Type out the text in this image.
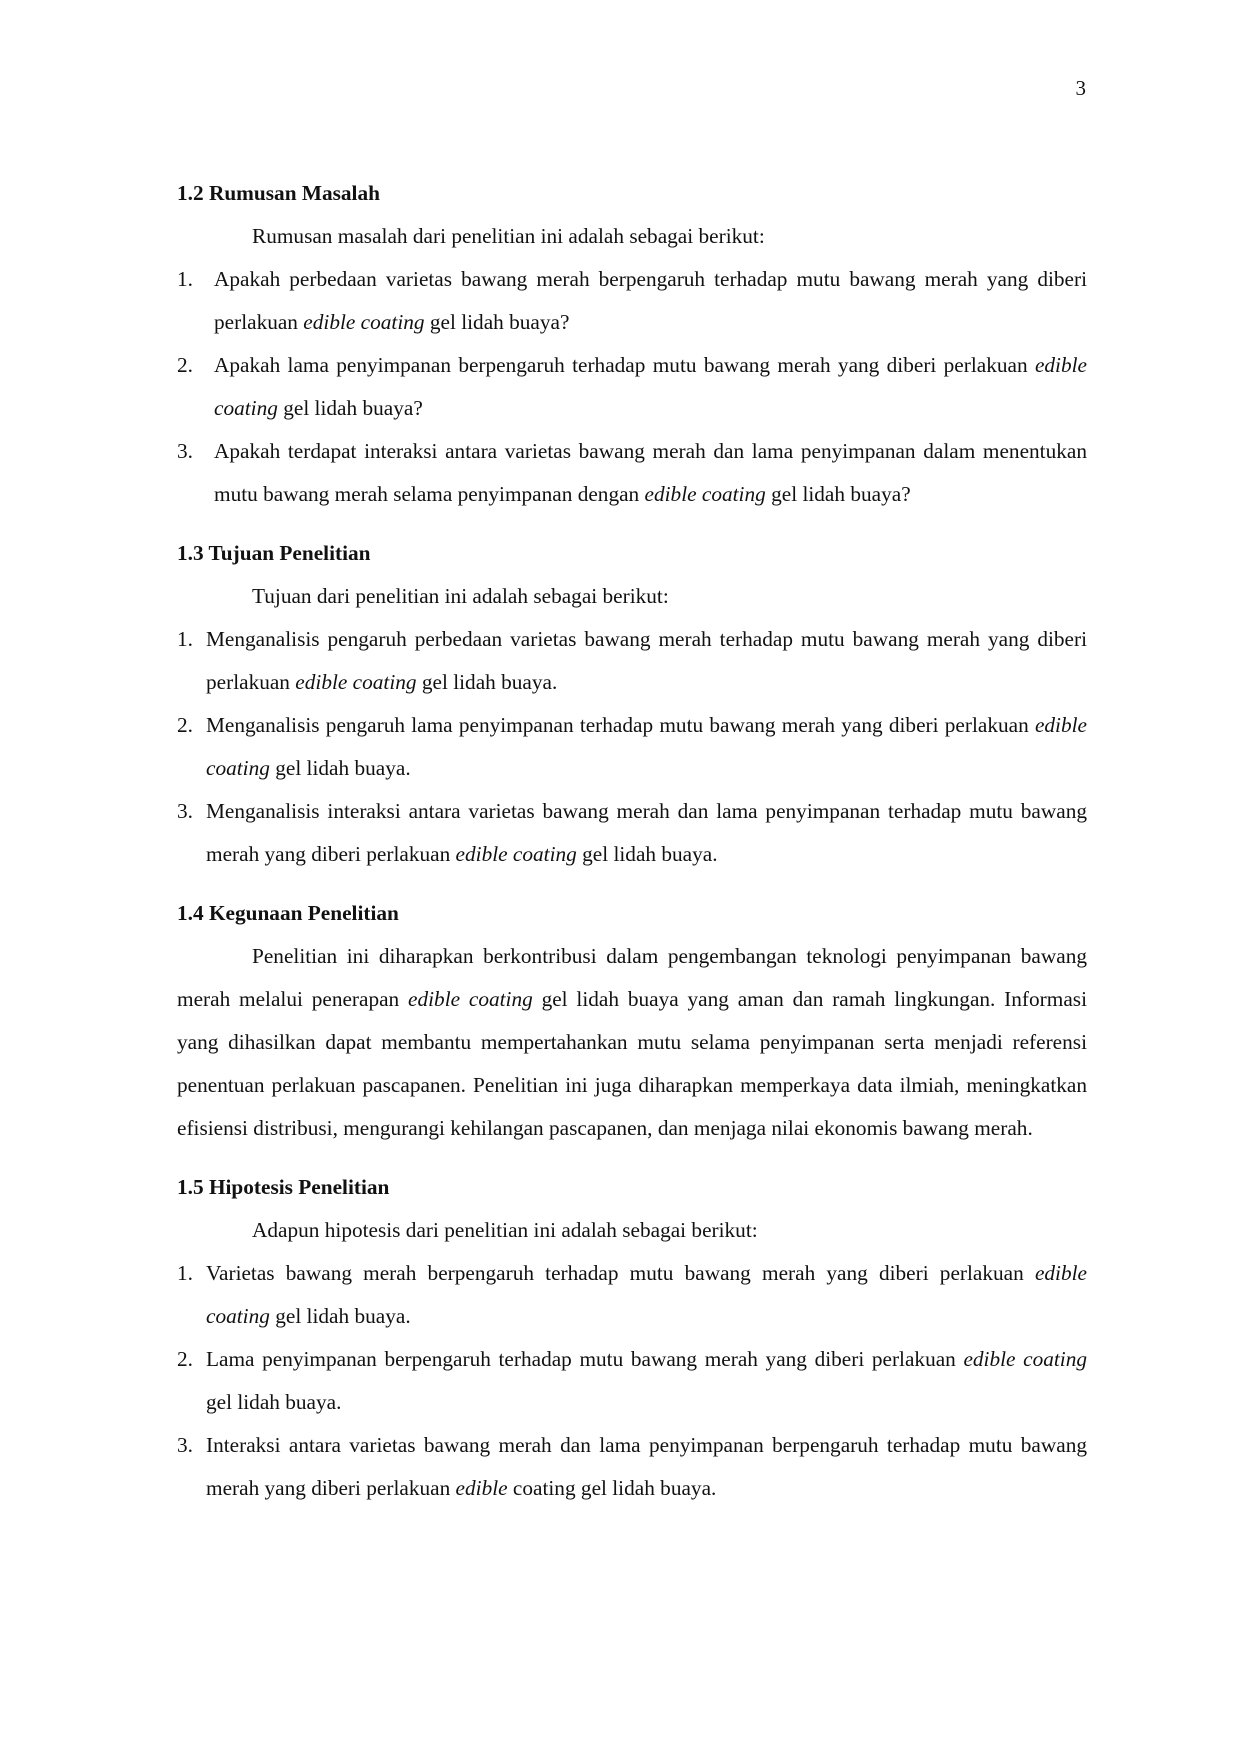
3

1.2 Rumusan Masalah

Rumusan masalah dari penelitian ini adalah sebagai berikut:

1. Apakah perbedaan varietas bawang merah berpengaruh terhadap mutu bawang merah yang diberi perlakuan edible coating gel lidah buaya?
2. Apakah lama penyimpanan berpengaruh terhadap mutu bawang merah yang diberi perlakuan edible coating gel lidah buaya?
3. Apakah terdapat interaksi antara varietas bawang merah dan lama penyimpanan dalam menentukan mutu bawang merah selama penyimpanan dengan edible coating gel lidah buaya?

1.3 Tujuan Penelitian

Tujuan dari penelitian ini adalah sebagai berikut:

1. Menganalisis pengaruh perbedaan varietas bawang merah terhadap mutu bawang merah yang diberi perlakuan edible coating gel lidah buaya.
2. Menganalisis pengaruh lama penyimpanan terhadap mutu bawang merah yang diberi perlakuan edible coating gel lidah buaya.
3. Menganalisis interaksi antara varietas bawang merah dan lama penyimpanan terhadap mutu bawang merah yang diberi perlakuan edible coating gel lidah buaya.

1.4 Kegunaan Penelitian

Penelitian ini diharapkan berkontribusi dalam pengembangan teknologi penyimpanan bawang merah melalui penerapan edible coating gel lidah buaya yang aman dan ramah lingkungan. Informasi yang dihasilkan dapat membantu mempertahankan mutu selama penyimpanan serta menjadi referensi penentuan perlakuan pascapanen. Penelitian ini juga diharapkan memperkaya data ilmiah, meningkatkan efisiensi distribusi, mengurangi kehilangan pascapanen, dan menjaga nilai ekonomis bawang merah.

1.5 Hipotesis Penelitian

Adapun hipotesis dari penelitian ini adalah sebagai berikut:

1. Varietas bawang merah berpengaruh terhadap mutu bawang merah yang diberi perlakuan edible coating gel lidah buaya.
2. Lama penyimpanan berpengaruh terhadap mutu bawang merah yang diberi perlakuan edible coating gel lidah buaya.
3. Interaksi antara varietas bawang merah dan lama penyimpanan berpengaruh terhadap mutu bawang merah yang diberi perlakuan edible coating gel lidah buaya.
